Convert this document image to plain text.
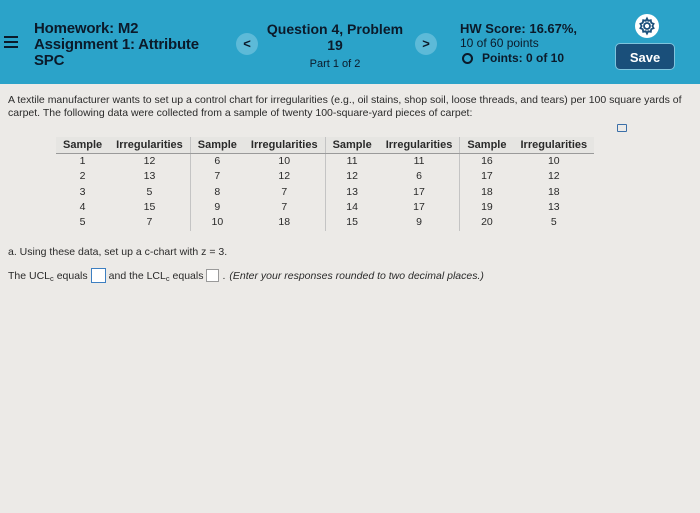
Homework: M2
Assignment 1: Attribute
SPC
<
Question 4, Problem
19
Part 1 of 2
>
HW Score: 16.67%,
10 of 60 points
Points: 0 of 10	Save
A textile manufacturer wants to set up a control chart for irregularities (e.g., oil stains, shop soil, loose threads, and tears) per 100 square yards of carpet. The following data were collected from a sample of twenty 100-square-yard pieces of carpet:
Sample	Irregularities	Sample	Irregularities	Sample	Irregularities	Sample	Irregularities
1	12	6	10	11	11	16	10
2	13	7	12	12	6	17	12
3	5	8	7	13	17	18	18
4	15	9	7	14	17	19	13
5	7	10	18	15	9	20	5
a. Using these data, set up a c-chart with z = 3.
The UCL c
equals and the LCL c
equals . (Enter your responses rounded to two decimal places.)
